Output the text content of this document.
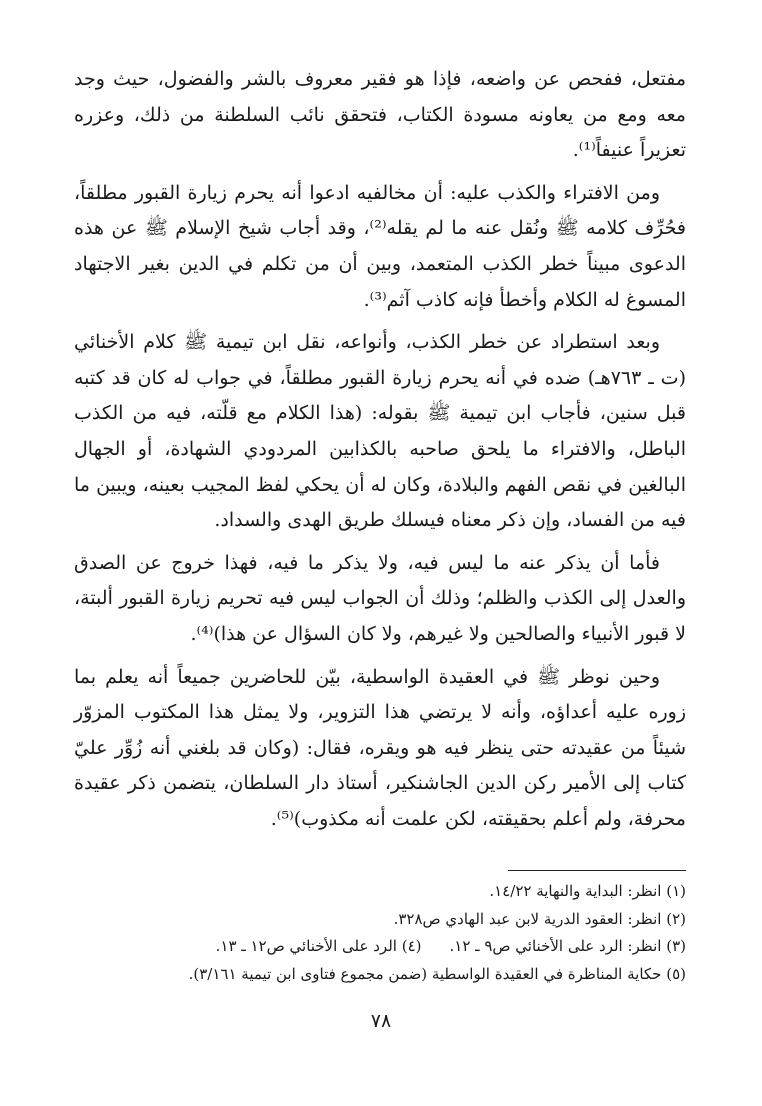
مفتعل، ففحص عن واضعه، فإذا هو فقير معروف بالشر والفضول، حيث وجد معه ومع من يعاونه مسودة الكتاب، فتحقق نائب السلطنة من ذلك، وعزره تعزيراً عنيفاً⁽¹⁾.

ومن الافتراء والكذب عليه: أن مخالفيه ادعوا أنه يحرم زيارة القبور مطلقاً، فحُرِّف كلامه ﷺ ونُقل عنه ما لم يقله⁽²⁾، وقد أجاب شيخ الإسلام ﷺ عن هذه الدعوى مبيناً خطر الكذب المتعمد، وبين أن من تكلم في الدين بغير الاجتهاد المسوغ له الكلام وأخطأ فإنه كاذب آثم⁽³⁾.

وبعد استطراد عن خطر الكذب، وأنواعه، نقل ابن تيمية ﷺ كلام الأخنائي (ت ـ ٧٦٣هـ) ضده في أنه يحرم زيارة القبور مطلقاً، في جواب له كان قد كتبه قبل سنين، فأجاب ابن تيمية ﷺ بقوله: (هذا الكلام مع قلّته، فيه من الكذب الباطل، والافتراء ما يلحق صاحبه بالكذابين المردودي الشهادة، أو الجهال البالغين في نقص الفهم والبلادة، وكان له أن يحكي لفظ المجيب بعينه، ويبين ما فيه من الفساد، وإن ذكر معناه فيسلك طريق الهدى والسداد.

فأما أن يذكر عنه ما ليس فيه، ولا يذكر ما فيه، فهذا خروج عن الصدق والعدل إلى الكذب والظلم؛ وذلك أن الجواب ليس فيه تحريم زيارة القبور ألبتة، لا قبور الأنبياء والصالحين ولا غيرهم، ولا كان السؤال عن هذا)⁽⁴⁾.

وحين نوظر ﷺ في العقيدة الواسطية، بيّن للحاضرين جميعاً أنه يعلم بما زوره عليه أعداؤه، وأنه لا يرتضي هذا التزوير، ولا يمثل هذا المكتوب المزوّر شيئاً من عقيدته حتى ينظر فيه هو ويقره، فقال: (وكان قد بلغني أنه زُوِّر عليّ كتاب إلى الأمير ركن الدين الجاشنكير، أستاذ دار السلطان، يتضمن ذكر عقيدة محرفة، ولم أعلم بحقيقته، لكن علمت أنه مكذوب)⁽⁵⁾.

(١) انظر: البداية والنهاية ١٤/٢٢.
(٢) انظر: العقود الدرية لابن عبد الهادي ص٣٢٨.
(٣) انظر: الرد على الأخنائي ص٩ ـ ١٢.(٤) الرد على الأخنائي ص١٢ ـ ١٣.
(٥) حكاية المناظرة في العقيدة الواسطية (ضمن مجموع فتاوى ابن تيمية ٣/١٦١).
٧٨
